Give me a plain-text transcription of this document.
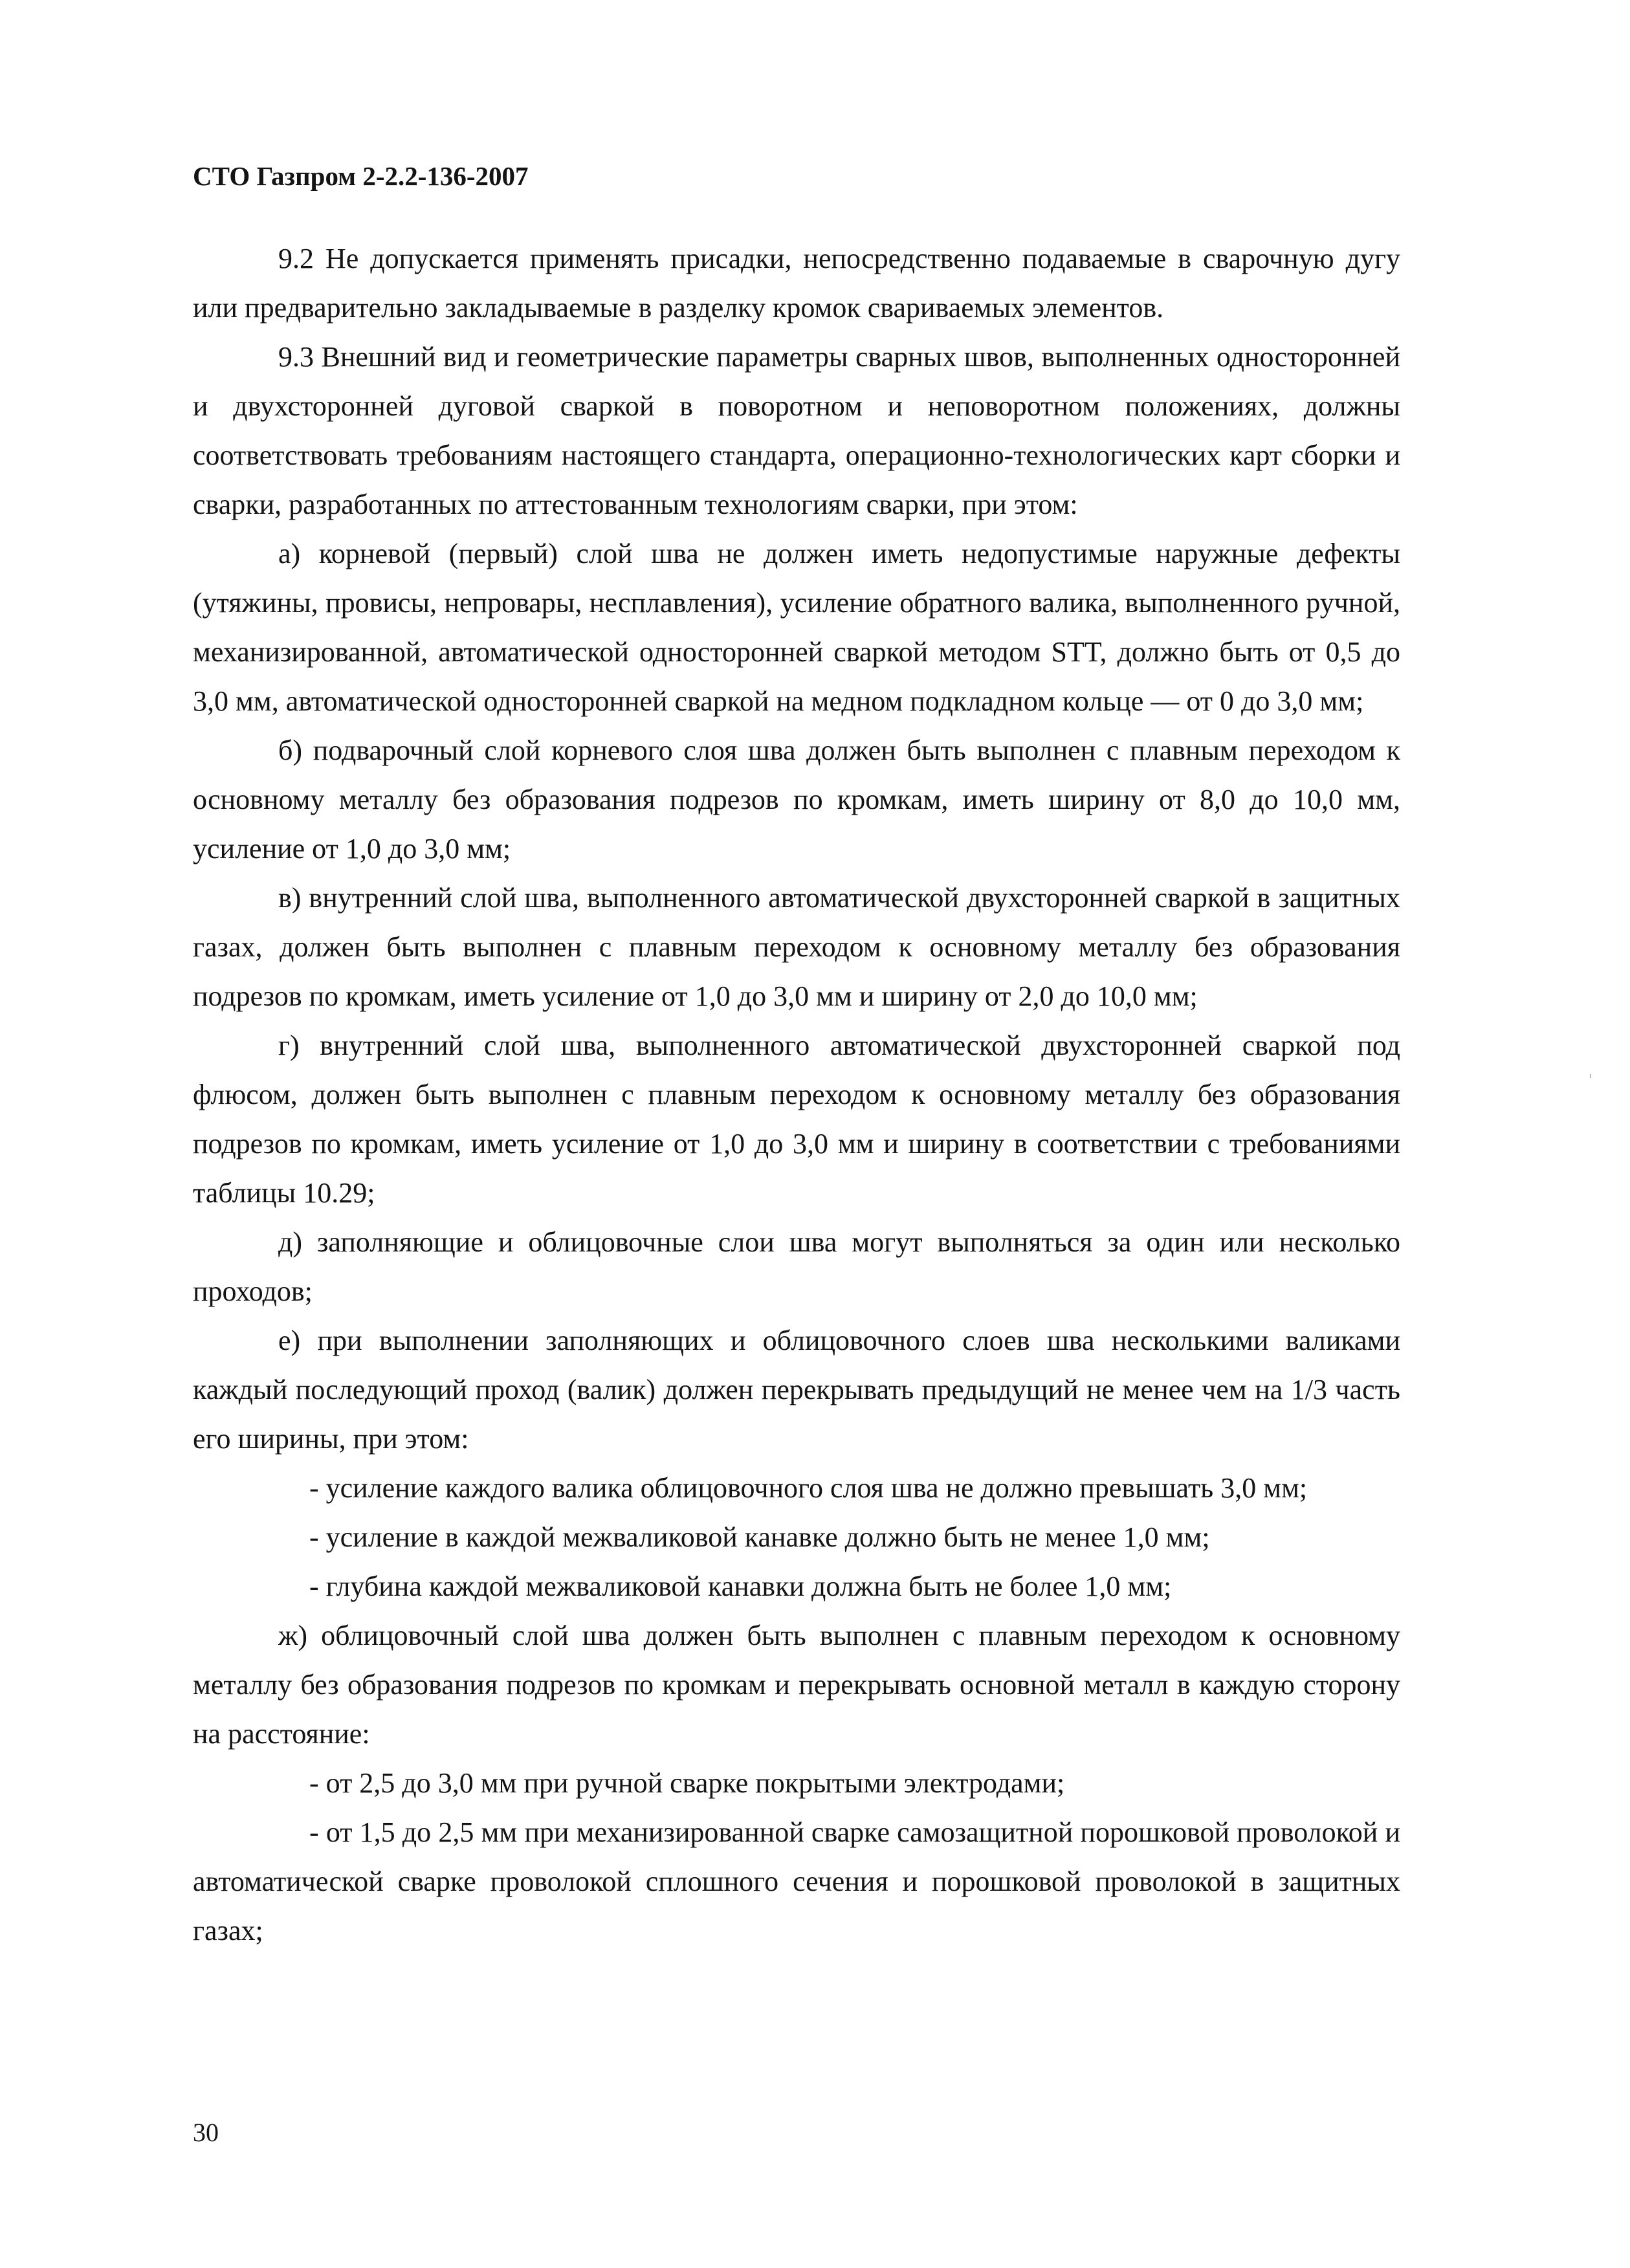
СТО Газпром 2-2.2-136-2007

9.2 Не допускается применять присадки, непосредственно подаваемые в сварочную дугу или предварительно закладываемые в разделку кромок свариваемых элементов.

9.3 Внешний вид и геометрические параметры сварных швов, выполненных односторонней и двухсторонней дуговой сваркой в поворотном и неповоротном положениях, должны соответствовать требованиям настоящего стандарта, операционно-технологических карт сборки и сварки, разработанных по аттестованным технологиям сварки, при этом:

а) корневой (первый) слой шва не должен иметь недопустимые наружные дефекты (утяжины, провисы, непровары, несплавления), усиление обратного валика, выполненного ручной, механизированной, автоматической односторонней сваркой методом STT, должно быть от 0,5 до 3,0 мм, автоматической односторонней сваркой на медном подкладном кольце — от 0 до 3,0 мм;

б) подварочный слой корневого слоя шва должен быть выполнен с плавным переходом к основному металлу без образования подрезов по кромкам, иметь ширину от 8,0 до 10,0 мм, усиление от 1,0 до 3,0 мм;

в) внутренний слой шва, выполненного автоматической двухсторонней сваркой в защитных газах, должен быть выполнен с плавным переходом к основному металлу без образования подрезов по кромкам, иметь усиление от 1,0 до 3,0 мм и ширину от 2,0 до 10,0 мм;

г) внутренний слой шва, выполненного автоматической двухсторонней сваркой под флюсом, должен быть выполнен с плавным переходом к основному металлу без образования подрезов по кромкам, иметь усиление от 1,0 до 3,0 мм и ширину в соответствии с требованиями таблицы 10.29;

д) заполняющие и облицовочные слои шва могут выполняться за один или несколько проходов;

е) при выполнении заполняющих и облицовочного слоев шва несколькими валиками каждый последующий проход (валик) должен перекрывать предыдущий не менее чем на 1/3 часть его ширины, при этом:

- усиление каждого валика облицовочного слоя шва не должно превышать 3,0 мм;

- усиление в каждой межваликовой канавке должно быть не менее 1,0 мм;

- глубина каждой межваликовой канавки должна быть не более 1,0 мм;

ж) облицовочный слой шва должен быть выполнен с плавным переходом к основному металлу без образования подрезов по кромкам и перекрывать основной металл в каждую сторону на расстояние:

- от 2,5 до 3,0 мм при ручной сварке покрытыми электродами;

- от 1,5 до 2,5 мм при механизированной сварке самозащитной порошковой проволокой и автоматической сварке проволокой сплошного сечения и порошковой проволокой в защитных газах;

30
